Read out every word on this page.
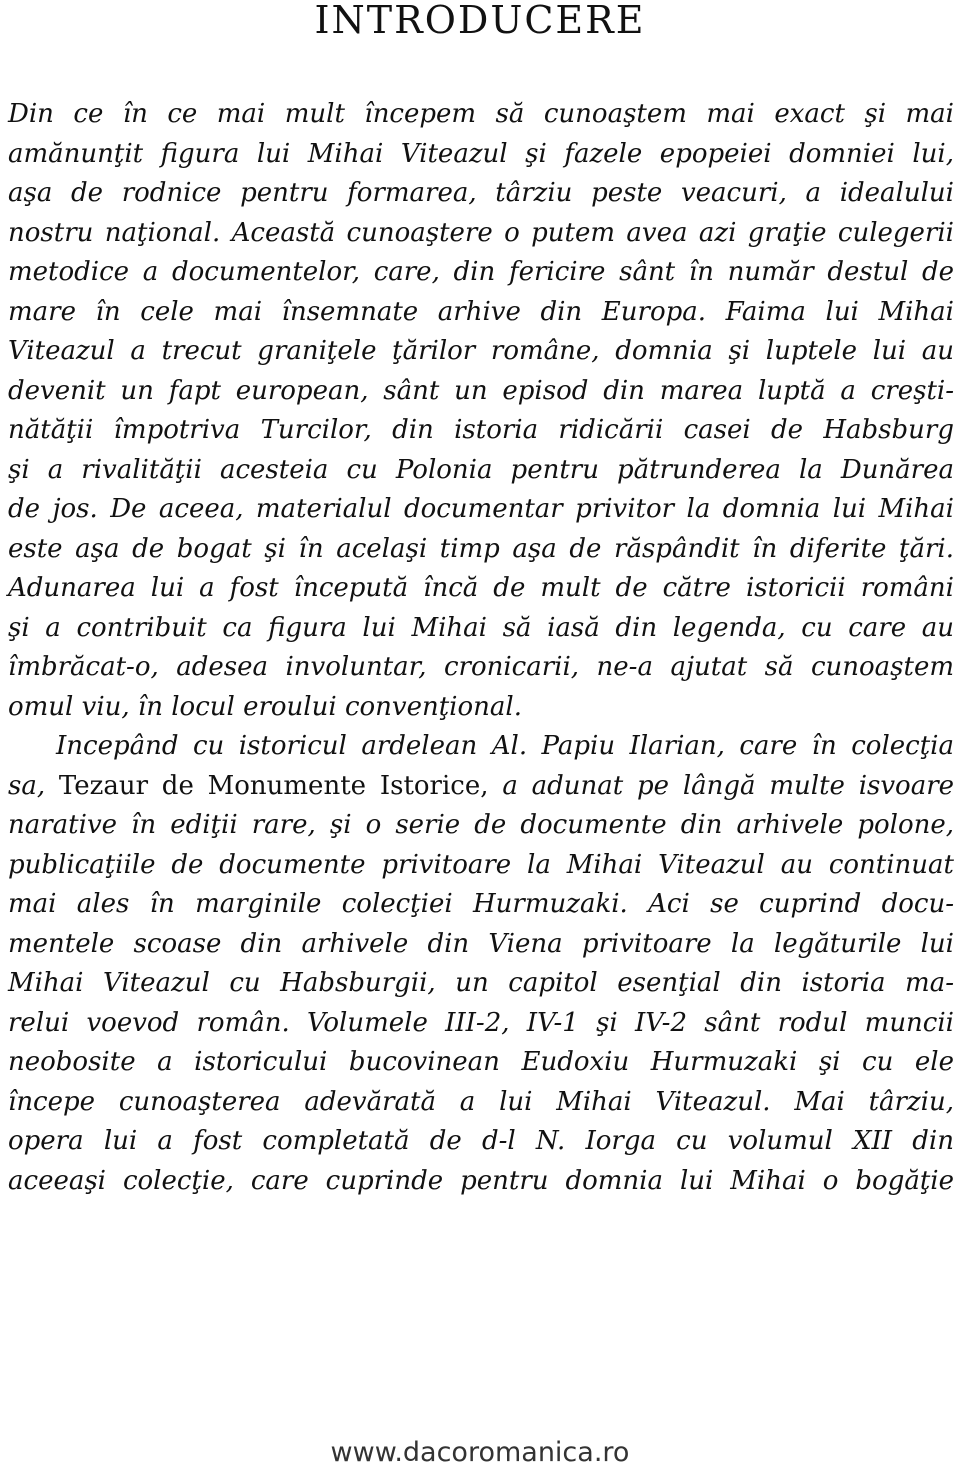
INTRODUCERE
Din ce în ce mai mult începem să cunoaştem mai exact şi mai
amănunţit figura lui Mihai Viteazul şi fazele epopeiei domniei lui,
aşa de rodnice pentru formarea, târziu peste veacuri, a idealului
nostru naţional. Această cunoaştere o putem avea azi graţie culegerii
metodice a documentelor, care, din fericire sânt în număr destul de
mare în cele mai însemnate arhive din Europa. Faima lui Mihai
Viteazul a trecut graniţele ţărilor române, domnia şi luptele lui au
devenit un fapt european, sânt un episod din marea luptă a creşti-
nătăţii împotriva Turcilor, din istoria ridicării casei de Habsburg
şi a rivalităţii acesteia cu Polonia pentru pătrunderea la Dunărea
de jos. De aceea, materialul documentar privitor la domnia lui Mihai
este aşa de bogat şi în acelaşi timp aşa de răspândit în diferite ţări.
Adunarea lui a fost începută încă de mult de către istoricii români
şi a contribuit ca figura lui Mihai să iasă din legenda, cu care au
îmbrăcat-o, adesea involuntar, cronicarii, ne-a ajutat să cunoaştem
omul viu, în locul eroului convenţional.
Incepând cu istoricul ardelean Al. Papiu Ilarian, care în colecţia
sa, Tezaur de Monumente Istorice, a adunat pe lângă multe isvoare
narative în ediţii rare, şi o serie de documente din arhivele polone,
publicaţiile de documente privitoare la Mihai Viteazul au continuat
mai ales în marginile colecţiei Hurmuzaki. Aci se cuprind docu-
mentele scoase din arhivele din Viena privitoare la legăturile lui
Mihai Viteazul cu Habsburgii, un capitol esenţial din istoria ma-
relui voevod român. Volumele III-2, IV-1 şi IV-2 sânt rodul muncii
neobosite a istoricului bucovinean Eudoxiu Hurmuzaki şi cu ele
începe cunoaşterea adevărată a lui Mihai Viteazul. Mai târziu,
opera lui a fost completată de d-l N. Iorga cu volumul XII din
aceeaşi colecţie, care cuprinde pentru domnia lui Mihai o bogăţie
www.dacoromanica.ro
